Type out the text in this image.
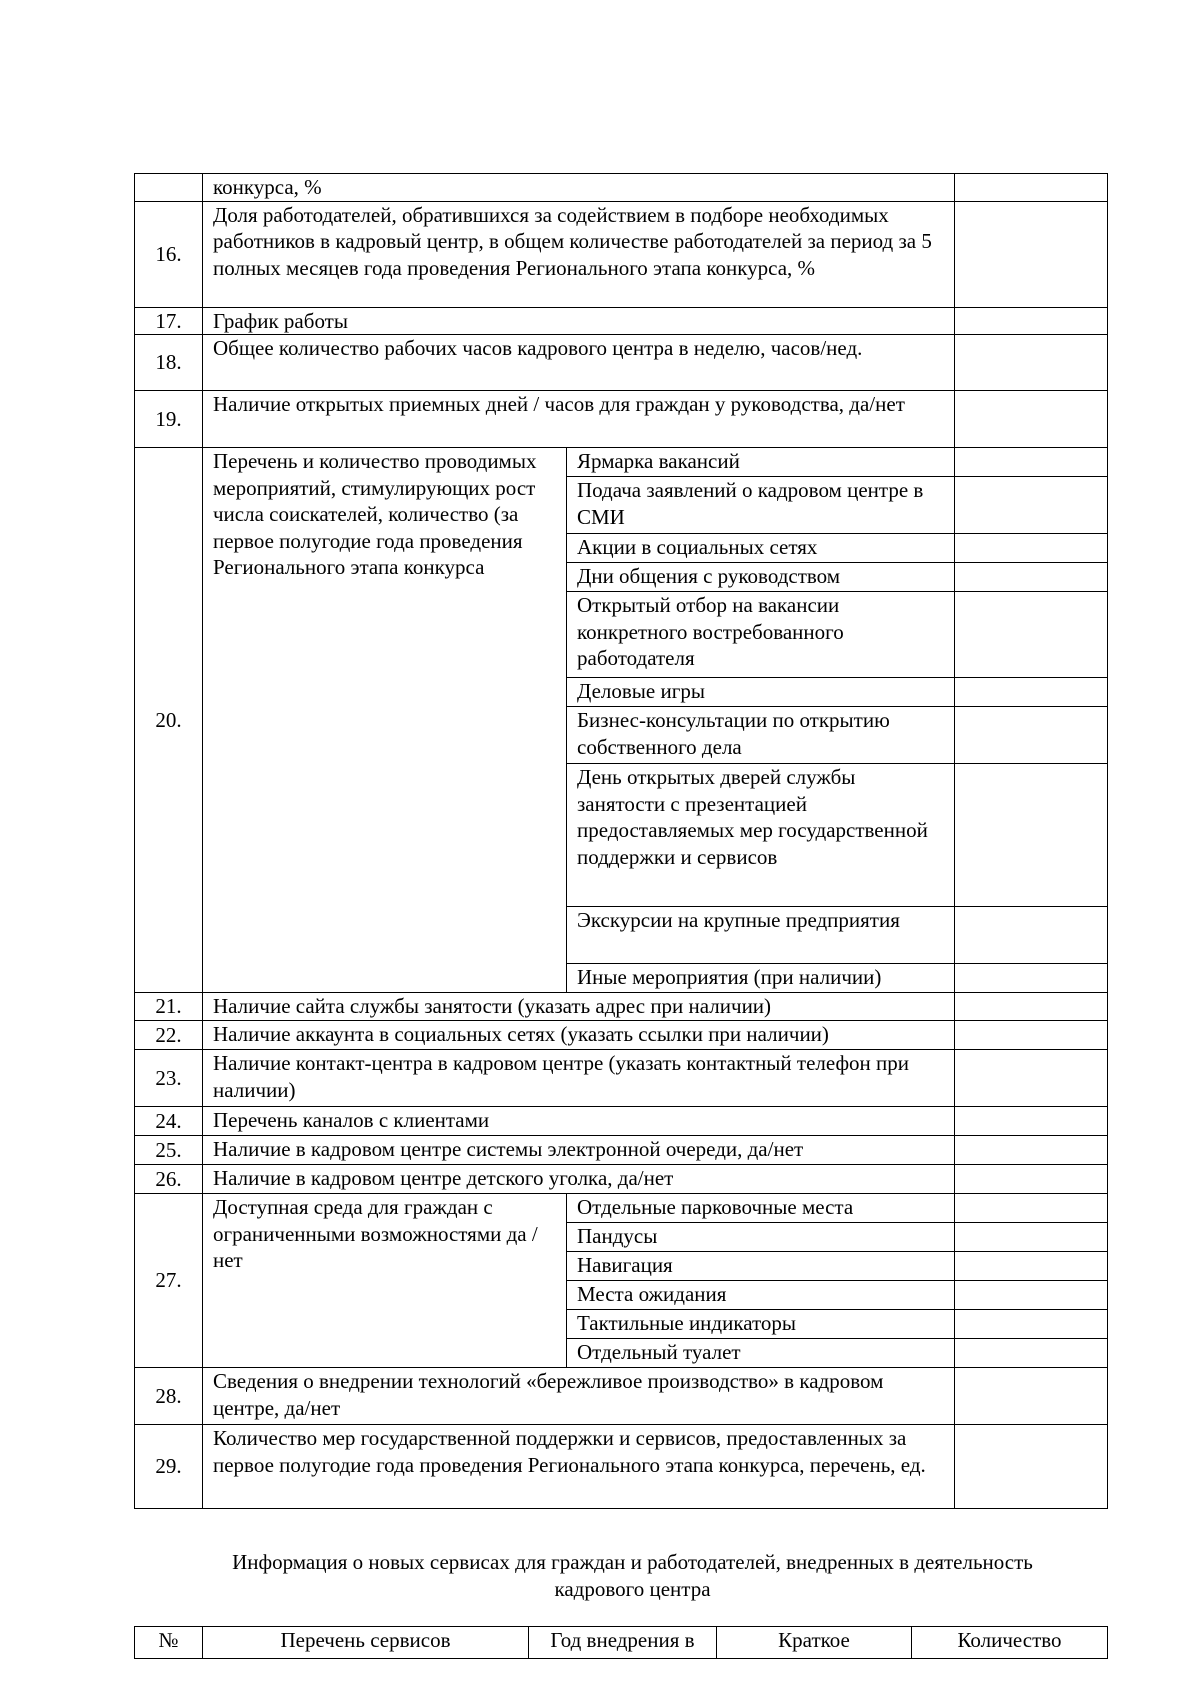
	конкурса, %		
16.	Доля работодателей, обратившихся за содействием в подборе необходимых работников в кадровый центр, в общем количестве работодателей за период за 5 полных месяцев года проведения Регионального этапа конкурса, %		
17.	График работы		
18.	Общее количество рабочих часов кадрового центра в неделю, часов/нед.		
19.	Наличие открытых приемных дней / часов для граждан у руководства, да/нет		
20.	Перечень и количество проводимых мероприятий, стимулирующих рост числа соискателей, количество (за первое полугодие года проведения Регионального этапа конкурса	Ярмарка вакансий	
		Подача заявлений о кадровом центре в СМИ	
		Акции в социальных сетях	
		Дни общения с руководством	
		Открытый отбор на вакансии конкретного востребованного работодателя	
		Деловые игры	
		Бизнес-консультации по открытию собственного дела	
		День открытых дверей службы занятости с презентацией предоставляемых мер государственной поддержки и сервисов	
		Экскурсии на крупные предприятия	
		Иные мероприятия (при наличии)	
21.	Наличие сайта службы занятости (указать адрес при наличии)		
22.	Наличие аккаунта в социальных сетях (указать ссылки при наличии)		
23.	Наличие контакт-центра в кадровом центре (указать контактный телефон при наличии)		
24.	Перечень каналов с клиентами		
25.	Наличие в кадровом центре системы электронной очереди, да/нет		
26.	Наличие в кадровом центре детского уголка, да/нет		
27.	Доступная среда для граждан с ограниченными возможностями да /нет	Отдельные парковочные места	
		Пандусы	
		Навигация	
		Места ожидания	
		Тактильные индикаторы	
		Отдельный туалет	
28.	Сведения о внедрении технологий «бережливое производство» в кадровом центре, да/нет		
29.	Количество мер государственной поддержки и сервисов, предоставленных за первое полугодие года проведения Регионального этапа конкурса, перечень, ед.		
Информация о новых сервисах для граждан и работодателей, внедренных в деятельность
кадрового центра
№	Перечень сервисов	Год внедрения в	Краткое	Количество
